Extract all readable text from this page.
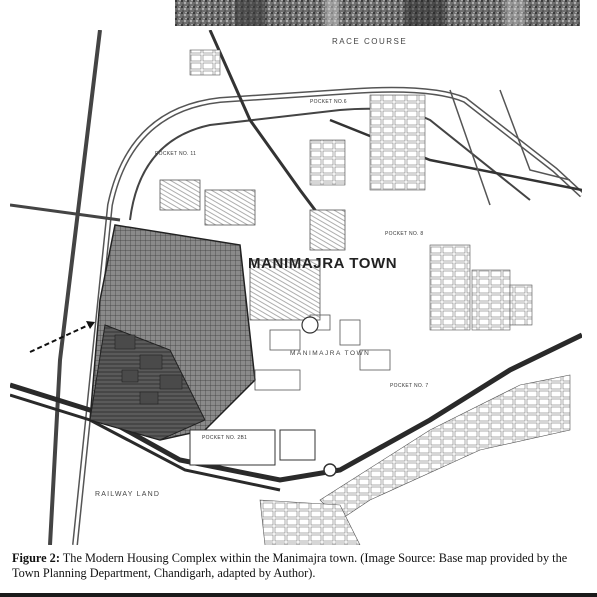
RACE COURSE
POCKET NO.6
POCKET NO. 11
POCKET NO. 8
POCKET NO. 7
POCKET NO. 2B1
MANIMAJRA TOWN
MANIMAJRA TOWN
RAILWAY LAND
Figure 2: The Modern Housing Complex within the Manimajra town. (Image Source: Base map provided by the Town Planning Department, Chandigarh, adapted by Author).
